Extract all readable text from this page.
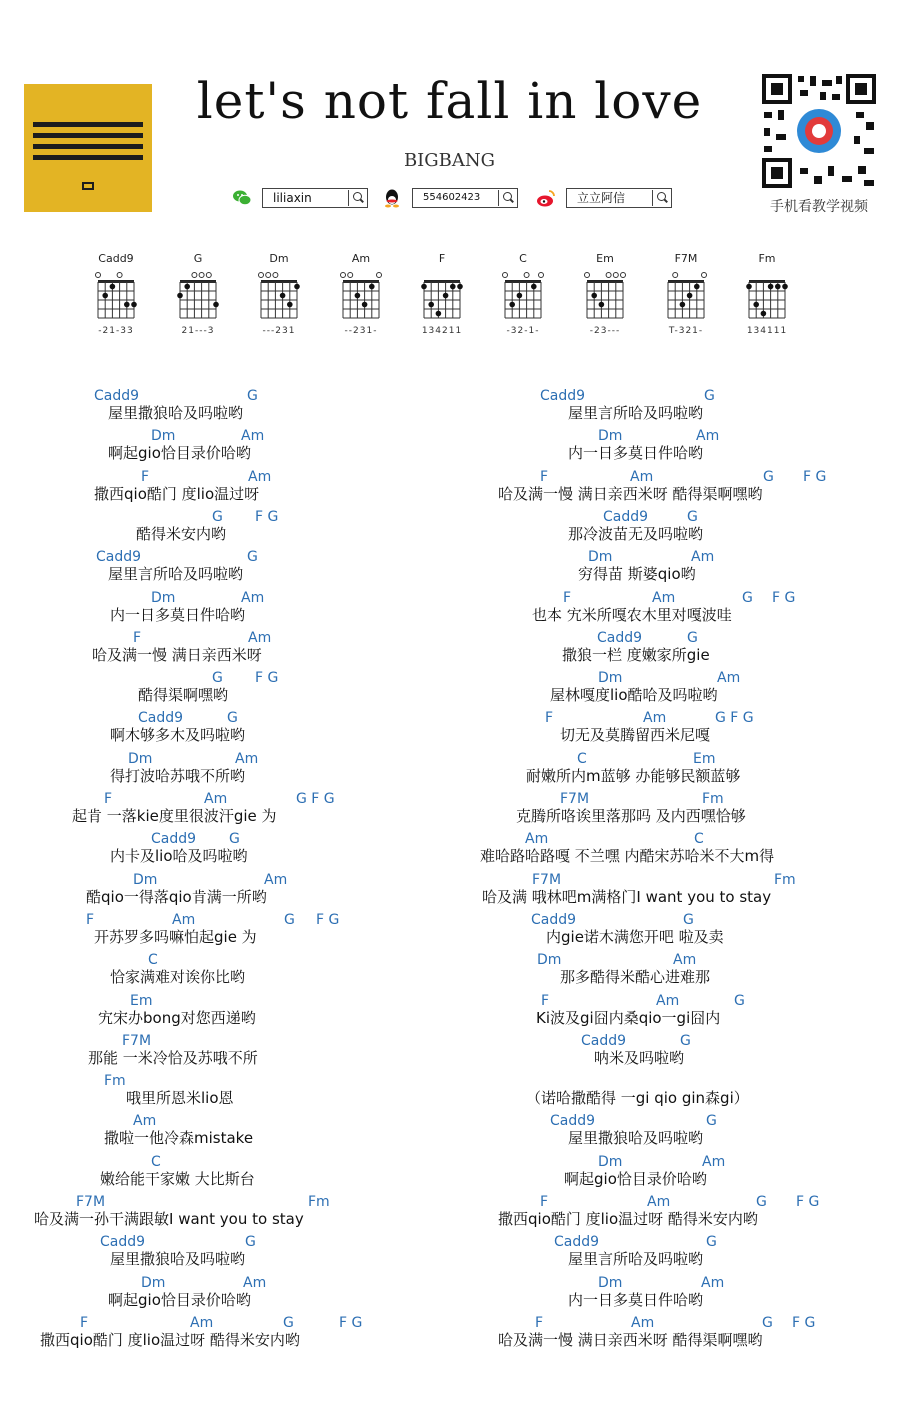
let's not fall in love
BIGBANG
liliaxin	554602423	立立阿信
手机看教学视频
Cadd9
-21-33
G
21---3
Dm
---231
Am
--231-
F
134211
C
-32-1-
Em
-23---
F7M
T-321-
Fm
134111
Cadd9	G
屋里撒狼哈及吗啦哟
Dm	Am
啊起gio恰目录价哈哟
F	Am
撒西qio酷门 度lio温过呀
G F G
酷得米安内哟
Cadd9	G
屋里言所哈及吗啦哟
Dm	Am
内一日多莫日件哈哟
F	Am
哈及满一慢 满日亲西米呀
G F G
酷得渠啊嘿哟
Cadd9	G
啊木够多木及吗啦哟
Dm	Am
得打波哈苏哦不所哟
F	Am	G F G
起肯 一落kie度里很波汗gie 为
Cadd9 G
内卡及lio哈及吗啦哟
Dm	Am
酷qio一得落qio肯满一所哟
F	Am	G F G
开苏罗多吗嘛怕起gie 为
C
恰家满难对诶你比哟
Em
宄宋办bong对您西递哟
F7M
那能 一米冷恰及苏哦不所
Fm
哦里所恩米lio恩
Am
撒啦一他冷森mistake
C
嫩给能干家嫩 大比斯台
F7M	Fm
哈及满一孙干满跟敏I want you to stay
Cadd9	G
屋里撒狼哈及吗啦哟
Dm	Am
啊起gio恰目录价哈哟
F	Am	G	F G
撒西qio酷门 度lio温过呀 酷得米安内哟
Cadd9	G
屋里言所哈及吗啦哟
Dm	Am
内一日多莫日件哈哟
F	Am	G F G
哈及满一慢 满日亲西米呀 酷得渠啊嘿哟
Cadd9	G
那冷波苗无及吗啦哟
Dm	Am
穷得苗 斯婆qio哟
F	Am	G F G
也本 宄米所嘎农木里对嘎波哇
Cadd9	G
撒狼一栏 度嫩家所gie
Dm	Am
屋林嘎度lio酷哈及吗啦哟
F	Am	G F G
切无及莫腾留西米尼嘎
C	Em
耐嫩所内m蓝够 办能够民额蓝够
F7M	Fm
克腾所咯诶里落那吗 及内西嘿恰够
Am	C
难哈路哈路嘎 不兰嘿 内酷宋苏哈米不大m得
F7M	Fm
哈及满 哦林吧m满格门I want you to stay
Cadd9	G
内gie诺木满您开吧 啦及卖
Dm	Am
那多酷得米酷心进难那
F	Am	G
Ki波及gi囧内桑qio一gi囧内
Cadd9	G
呐米及吗啦哟
（诺哈撒酷得 一gi qio gin森gi）
Cadd9	G
屋里撒狼哈及吗啦哟
Dm	Am
啊起gio恰目录价哈哟
F	Am	G F G
撒西qio酷门 度lio温过呀 酷得米安内哟
Cadd9	G
屋里言所哈及吗啦哟
Dm	Am
内一日多莫日件哈哟
F	Am	G F G
哈及满一慢 满日亲西米呀 酷得渠啊嘿哟
